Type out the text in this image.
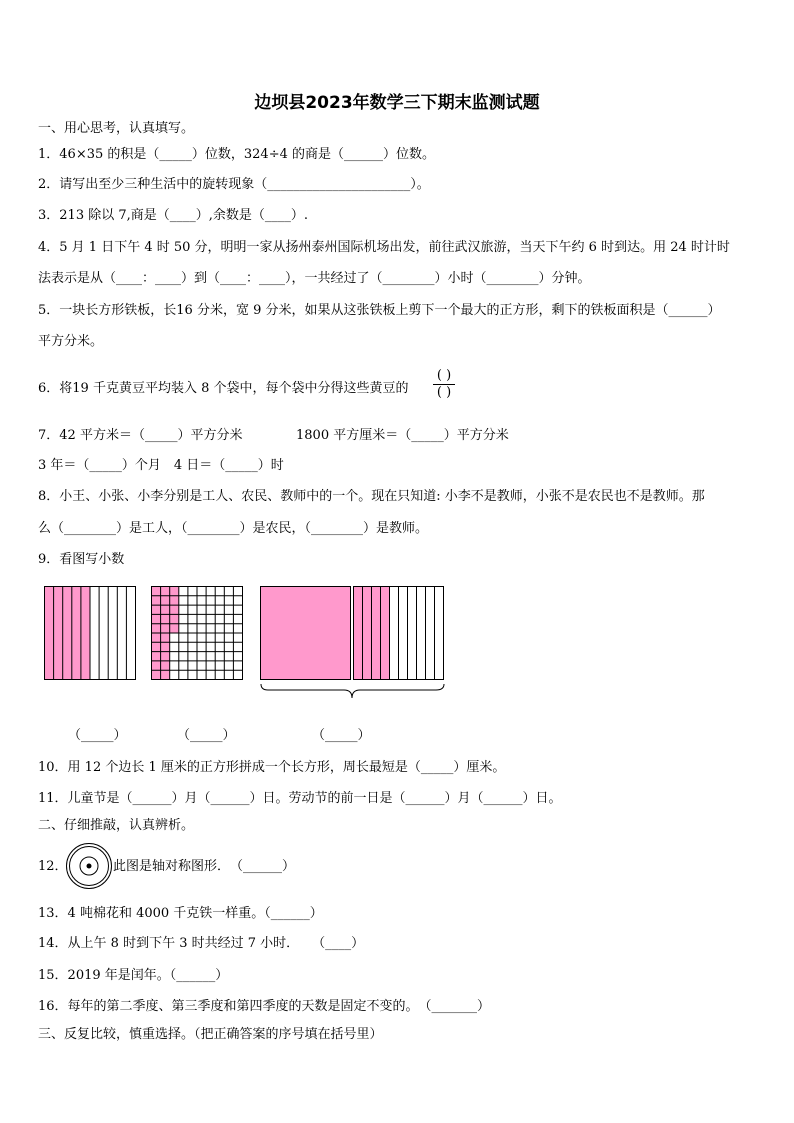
边坝县2023年数学三下期末监测试题
一、用心思考，认真填写。
1．46×35 的积是（_____）位数，324÷4 的商是（______）位数。
2．请写出至少三种生活中的旋转现象（______________________）。
3．213 除以 7,商是（____）,余数是（____）.
4．5 月 1 日下午 4 时 50 分，明明一家从扬州泰州国际机场出发，前往武汉旅游，当天下午约 6 时到达。用 24 时计时
法表示是从（____：____）到（____：____），一共经过了（________）小时（________）分钟。
5．一块长方形铁板，长16 分米，宽 9 分米，如果从这张铁板上剪下一个最大的正方形，剩下的铁板面积是（______）
平方分米。
6．将19 千克黄豆平均装入 8 个袋中，每个袋中分得这些黄豆的
( )
( )
7．42 平方米＝（_____）平方分米	1800 平方厘米＝（_____）平方分米
3 年＝（_____）个月　4 日＝（_____）时
8．小王、小张、小李分别是工人、农民、教师中的一个。现在只知道: 小李不是教师，小张不是农民也不是教师。那
么（________）是工人，（________）是农民，（________）是教师。
9．看图写小数
（_____）	（_____）	（_____）
10．用 12 个边长 1 厘米的正方形拼成一个长方形，周长最短是（_____）厘米。
11．儿童节是（______）月（______）日。劳动节的前一日是（______）月（______）日。
二、仔细推敲，认真辨析。
12．	此图是轴对称图形．　（______）
13．4 吨棉花和 4000 千克铁一样重。（______）
14．从上午 8 时到下午 3 时共经过 7 小时．　　（____）
15．2019 年是闰年。（______）
16．每年的第二季度、第三季度和第四季度的天数是固定不变的。　（_______）
三、反复比较，慎重选择。（把正确答案的序号填在括号里）
